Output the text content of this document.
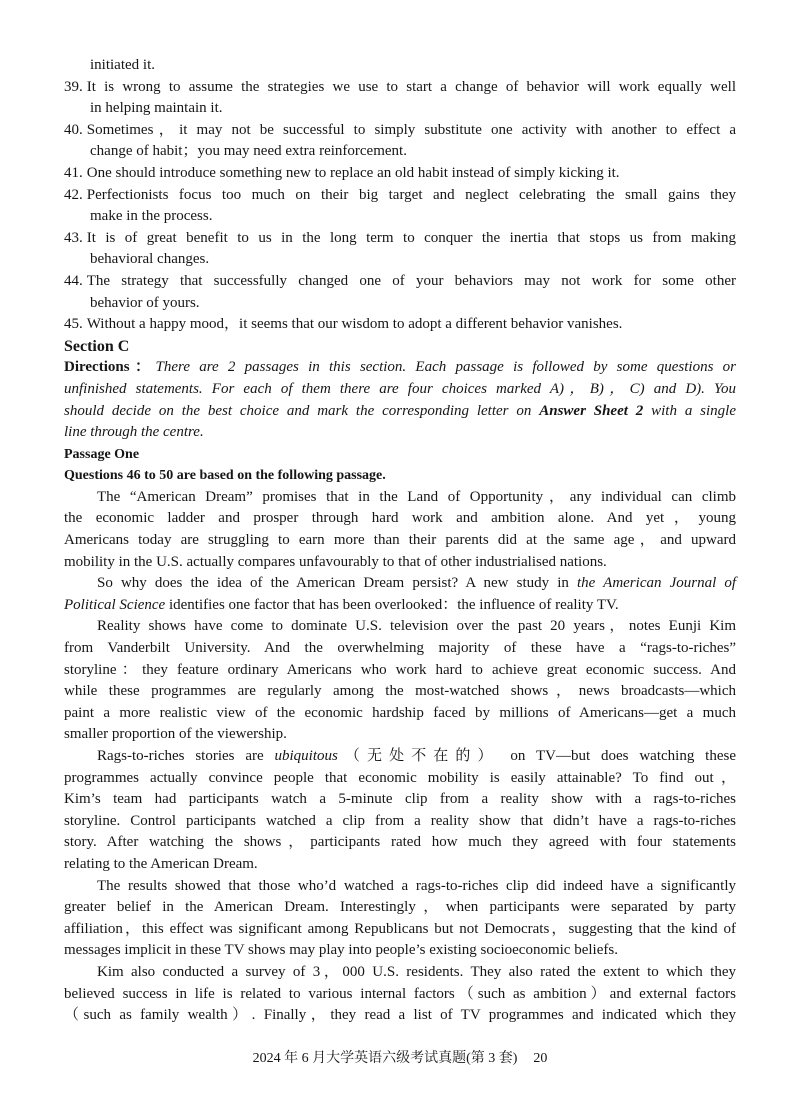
initiated it.
39. It is wrong to assume the strategies we use to start a change of behavior will work equally well
in helping maintain it.
40. Sometimes，it may not be successful to simply substitute one activity with another to effect a
change of habit；you may need extra reinforcement.
41. One should introduce something new to replace an old habit instead of simply kicking it.
42. Perfectionists focus too much on their big target and neglect celebrating the small gains they
make in the process.
43. It is of great benefit to us in the long term to conquer the inertia that stops us from making
behavioral changes.
44. The strategy that successfully changed one of your behaviors may not work for some other
behavior of yours.
45. Without a happy mood，it seems that our wisdom to adopt a different behavior vanishes.
Section C
Directions：There are 2 passages in this section. Each passage is followed by some questions or
unfinished statements. For each of them there are four choices marked A)，B)，C) and D). You
should decide on the best choice and mark the corresponding letter on Answer Sheet 2 with a single
line through the centre.
Passage One
Questions 46 to 50 are based on the following passage.
The “American Dream” promises that in the Land of Opportunity，any individual can climb
the economic ladder and prosper through hard work and ambition alone. And yet，young
Americans today are struggling to earn more than their parents did at the same age，and upward
mobility in the U.S. actually compares unfavourably to that of other industrialised nations.
So why does the idea of the American Dream persist? A new study in the American Journal of
Political Science identifies one factor that has been overlooked：the influence of reality TV.
Reality shows have come to dominate U.S. television over the past 20 years，notes Eunji Kim
from Vanderbilt University. And the overwhelming majority of these have a “rags-to-riches”
storyline：they feature ordinary Americans who work hard to achieve great economic success. And
while these programmes are regularly among the most-watched shows，news broadcasts—which
paint a more realistic view of the economic hardship faced by millions of Americans—get a much
smaller proportion of the viewership.
Rags-to-riches stories are ubiquitous（无处不在的） on TV—but does watching these
programmes actually convince people that economic mobility is easily attainable? To find out，
Kim’s team had participants watch a 5-minute clip from a reality show with a rags-to-riches
storyline. Control participants watched a clip from a reality show that didn’t have a rags-to-riches
story. After watching the shows，participants rated how much they agreed with four statements
relating to the American Dream.
The results showed that those who’d watched a rags-to-riches clip did indeed have a significantly
greater belief in the American Dream. Interestingly，when participants were separated by party
affiliation，this effect was significant among Republicans but not Democrats，suggesting that the kind of
messages implicit in these TV shows may play into people’s existing socioeconomic beliefs.
Kim also conducted a survey of 3，000 U.S. residents. They also rated the extent to which they
believed success in life is related to various internal factors（such as ambition）and external factors
（such as family wealth）. Finally，they read a list of TV programmes and indicated which they
2024 年 6 月大学英语六级考试真题(第 3 套) 20
